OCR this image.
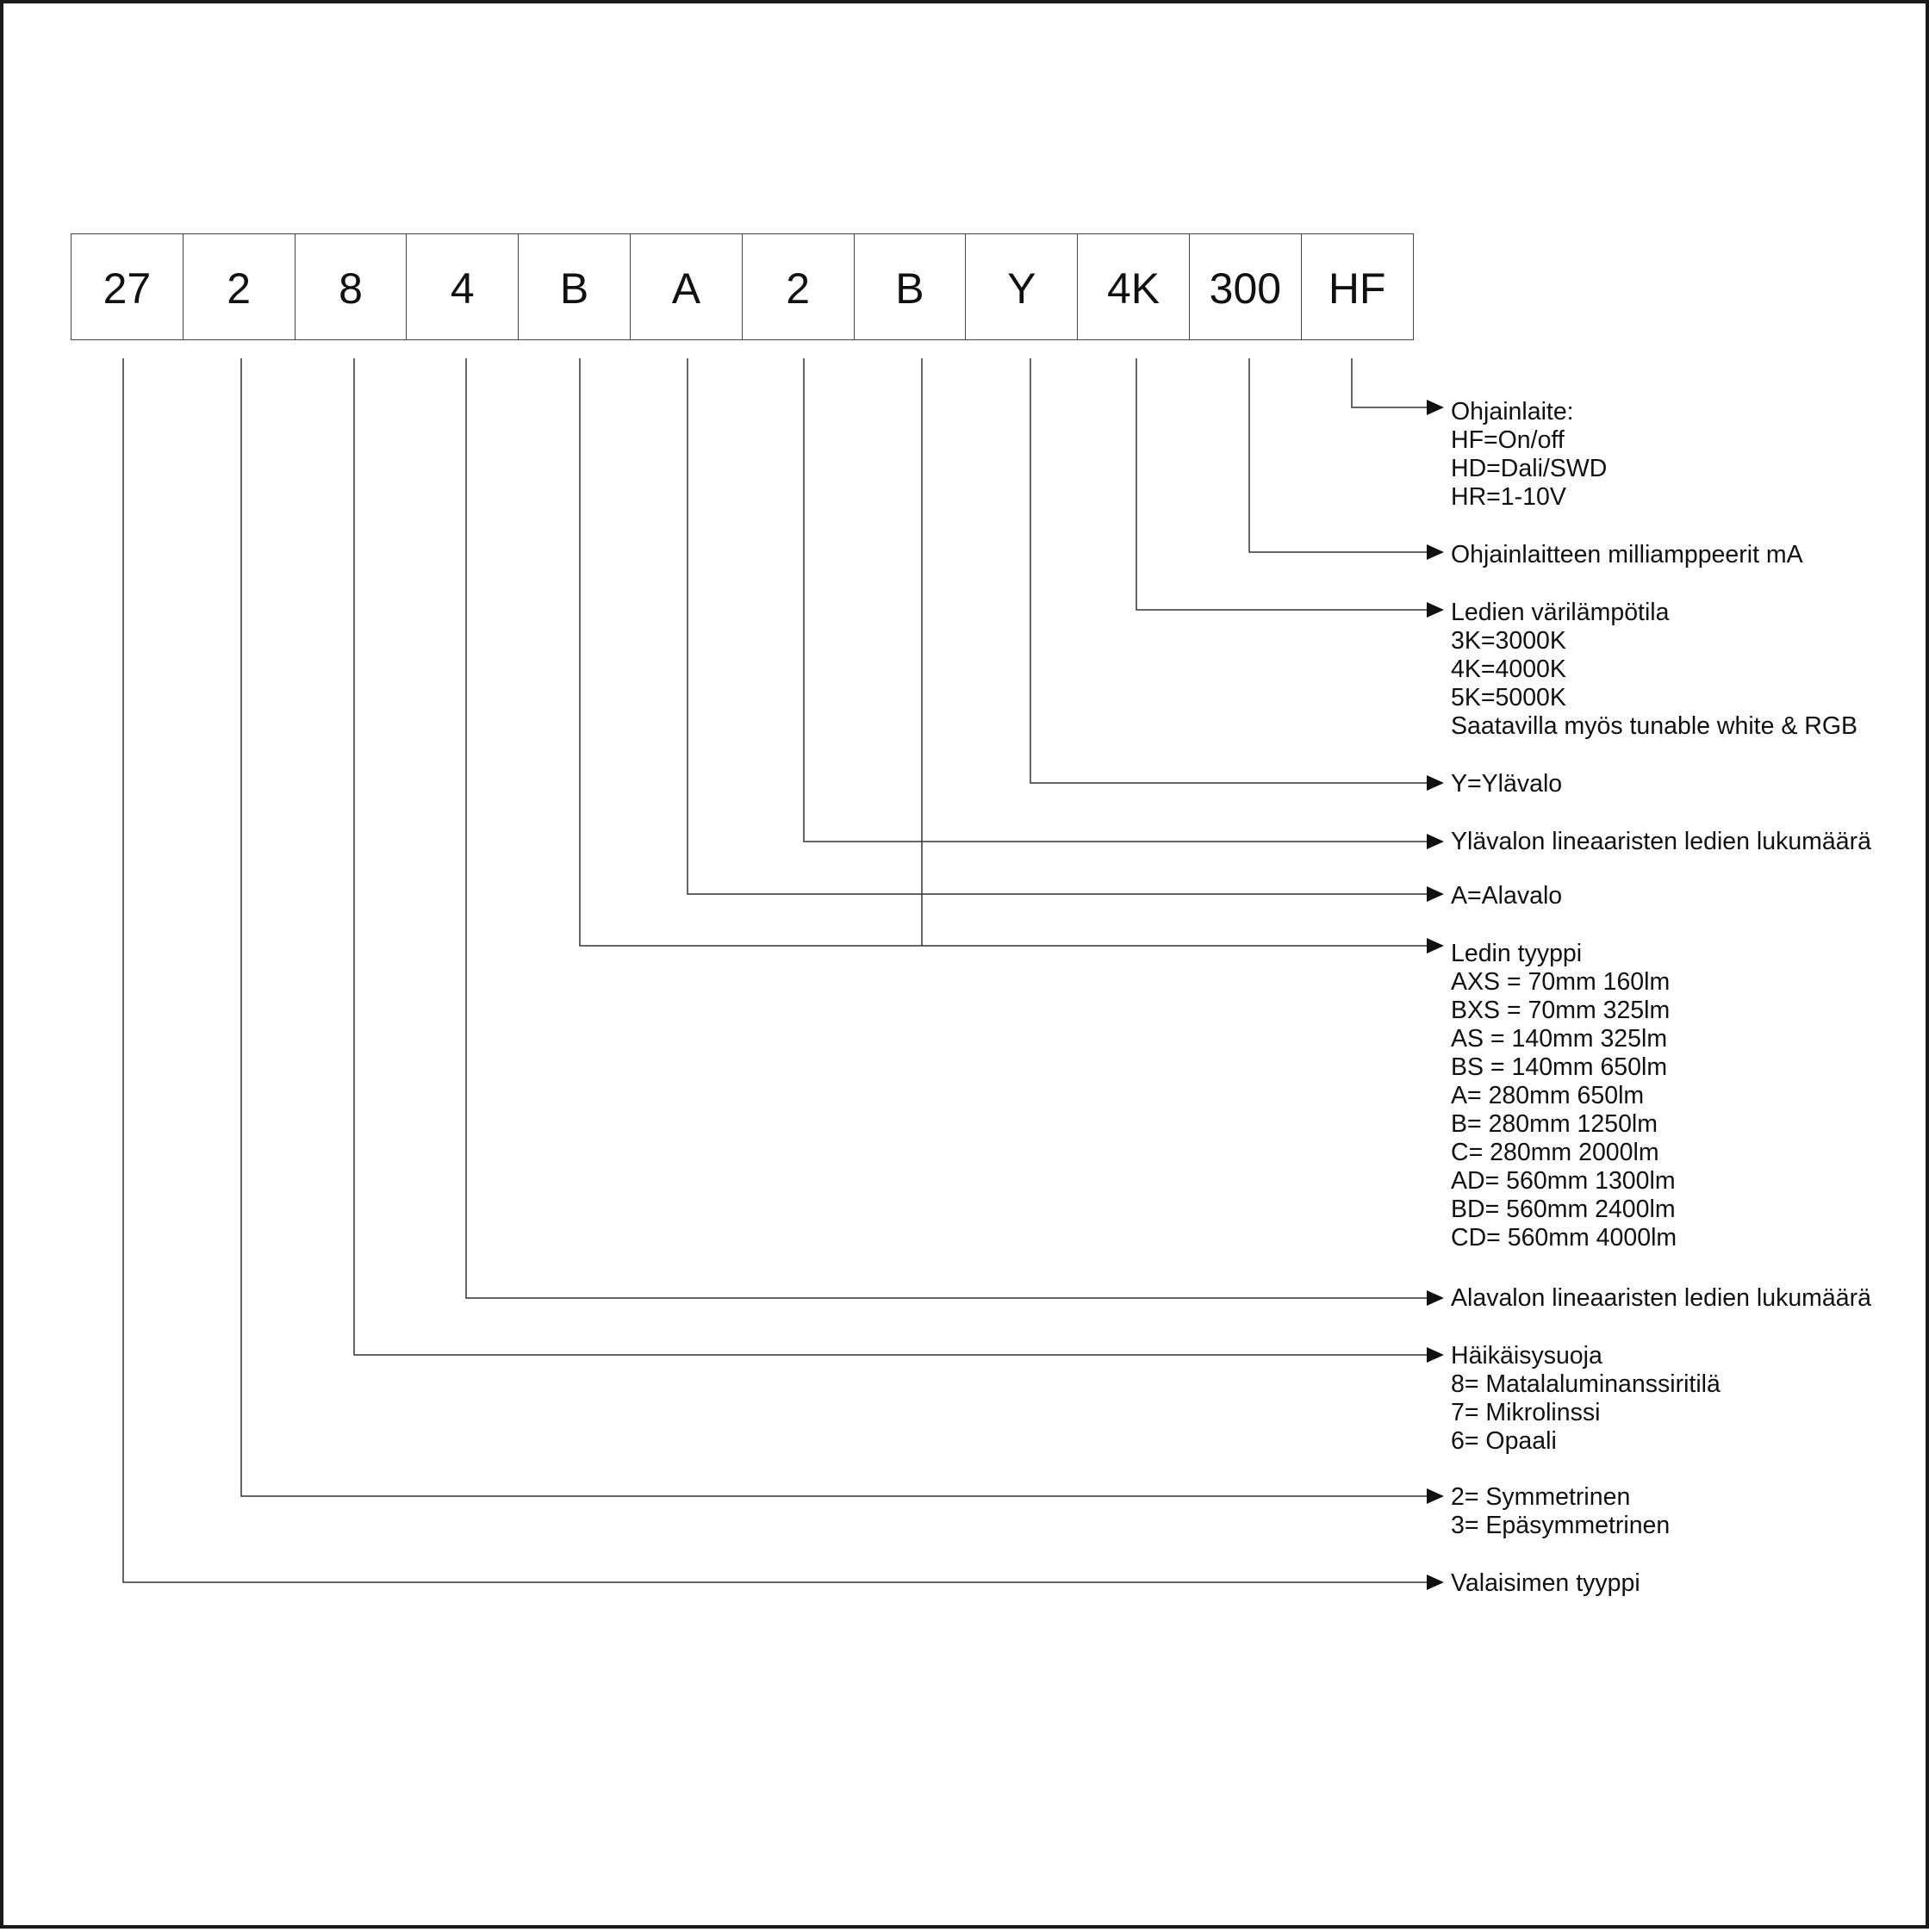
27 2 8 4 B A 2 B Y 4K 300 HF
Ohjainlaite:
HF=On/off
HD=Dali/SWD
HR=1-10V
Ohjainlaitteen milliamppeerit mA
Ledien värilämpötila
3K=3000K
4K=4000K
5K=5000K
Saatavilla myös tunable white & RGB
Y=Ylävalo
Ylävalon lineaaristen ledien lukumäärä
A=Alavalo
Ledin tyyppi
AXS = 70mm 160lm
BXS = 70mm 325lm
AS = 140mm 325lm
BS = 140mm 650lm
A= 280mm 650lm
B= 280mm 1250lm
C= 280mm 2000lm
AD= 560mm 1300lm
BD= 560mm 2400lm
CD= 560mm 4000lm
Alavalon lineaaristen ledien lukumäärä
Häikäisysuoja
8= Matalaluminanssiritilä
7= Mikrolinssi
6= Opaali
2= Symmetrinen
3= Epäsymmetrinen
Valaisimen tyyppi
